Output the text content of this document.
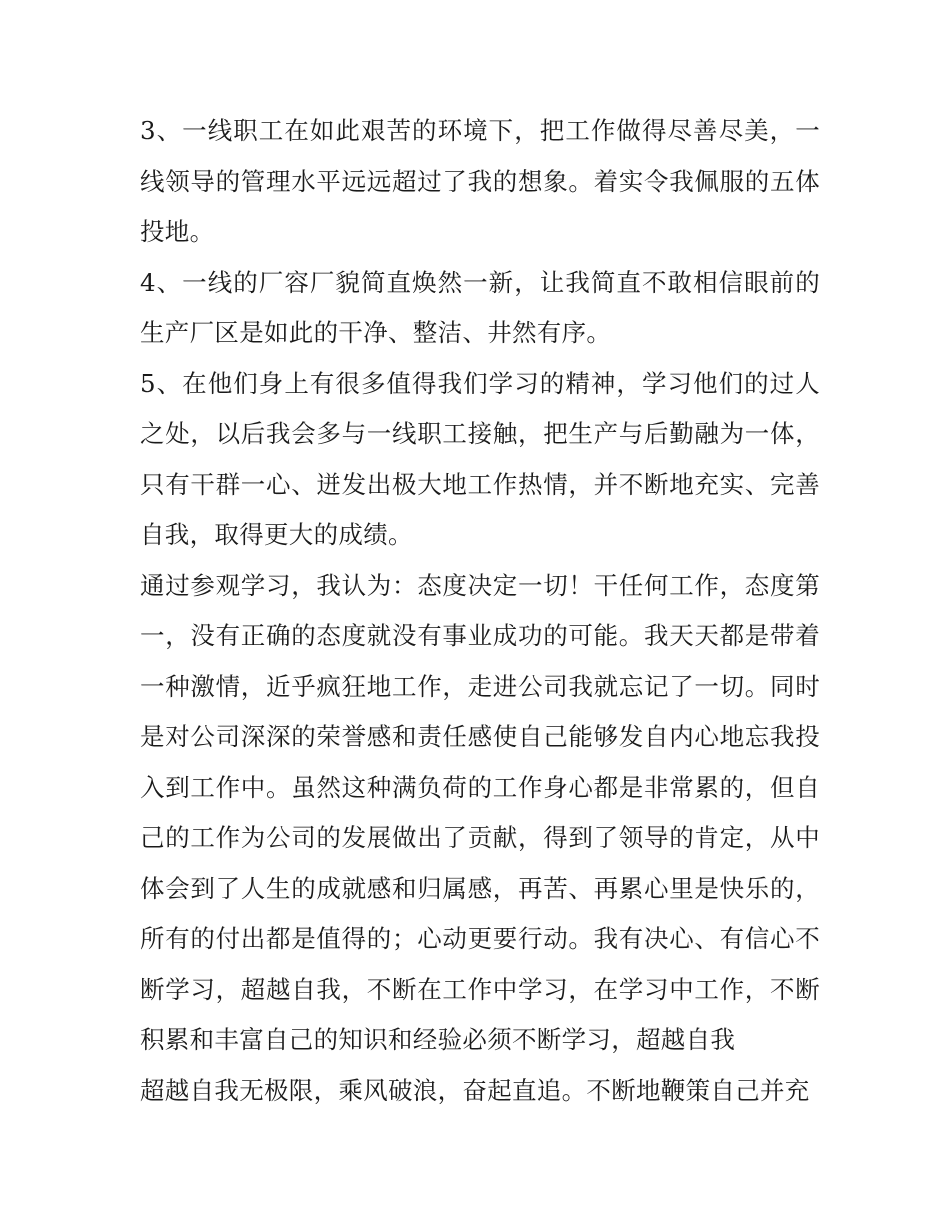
3、一线职工在如此艰苦的环境下，把工作做得尽善尽美，一线领导的管理水平远远超过了我的想象。着实令我佩服的五体投地。

4、一线的厂容厂貌简直焕然一新，让我简直不敢相信眼前的生产厂区是如此的干净、整洁、井然有序。

5、在他们身上有很多值得我们学习的精神，学习他们的过人之处，以后我会多与一线职工接触，把生产与后勤融为一体，只有干群一心、迸发出极大地工作热情，并不断地充实、完善自我，取得更大的成绩。

通过参观学习，我认为：态度决定一切！干任何工作，态度第一，没有正确的态度就没有事业成功的可能。我天天都是带着一种激情，近乎疯狂地工作，走进公司我就忘记了一切。同时是对公司深深的荣誉感和责任感使自己能够发自内心地忘我投入到工作中。虽然这种满负荷的工作身心都是非常累的，但自己的工作为公司的发展做出了贡献，得到了领导的肯定，从中体会到了人生的成就感和归属感，再苦、再累心里是快乐的，所有的付出都是值得的；心动更要行动。我有决心、有信心不断学习，超越自我，不断在工作中学习，在学习中工作，不断积累和丰富自己的知识和经验必须不断学习，超越自我

超越自我无极限，乘风破浪，奋起直追。不断地鞭策自己并充
